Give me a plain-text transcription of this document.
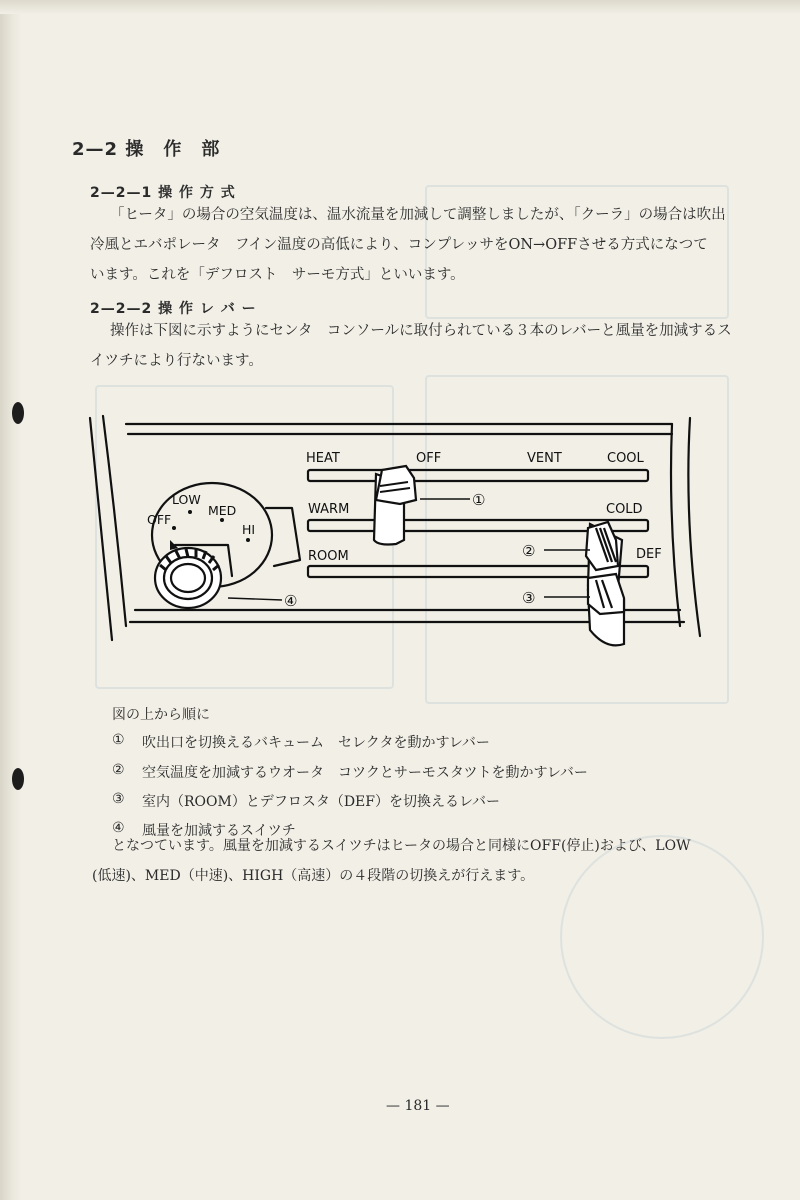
2—2 操　作　部
2—2—1 操 作 方 式
「ヒータ」の場合の空気温度は、温水流量を加減して調整しましたが、「クーラ」の場合は吹出
冷風とエバポレータ　フイン温度の高低により、コンプレッサをON→OFFさせる方式になつて
います。これを「デフロスト　サーモ方式」といいます。
2—2—2 操 作 レ バ ー
操作は下図に示すようにセンタ　コンソールに取付られている３本のレバーと風量を加減するス
イツチにより行ないます。
HEAT	OFF	VENT	COOL
WARM	COLD
ROOM	DEF
OFF
LOW
MED
HI
①
②
③
④
図の上から順に
① 吹出口を切換えるバキューム　セレクタを動かすレバー
② 空気温度を加減するウオータ　コツクとサーモスタツトを動かすレバー
③ 室内（ROOM）とデフロスタ（DEF）を切換えるレバー
④ 風量を加減するスイツチ
となつています。風量を加減するスイツチはヒータの場合と同様にOFF(停止)および、LOW
(低速)、MED（中速)、HIGH（高速）の４段階の切換えが行えます。
— 181 —
